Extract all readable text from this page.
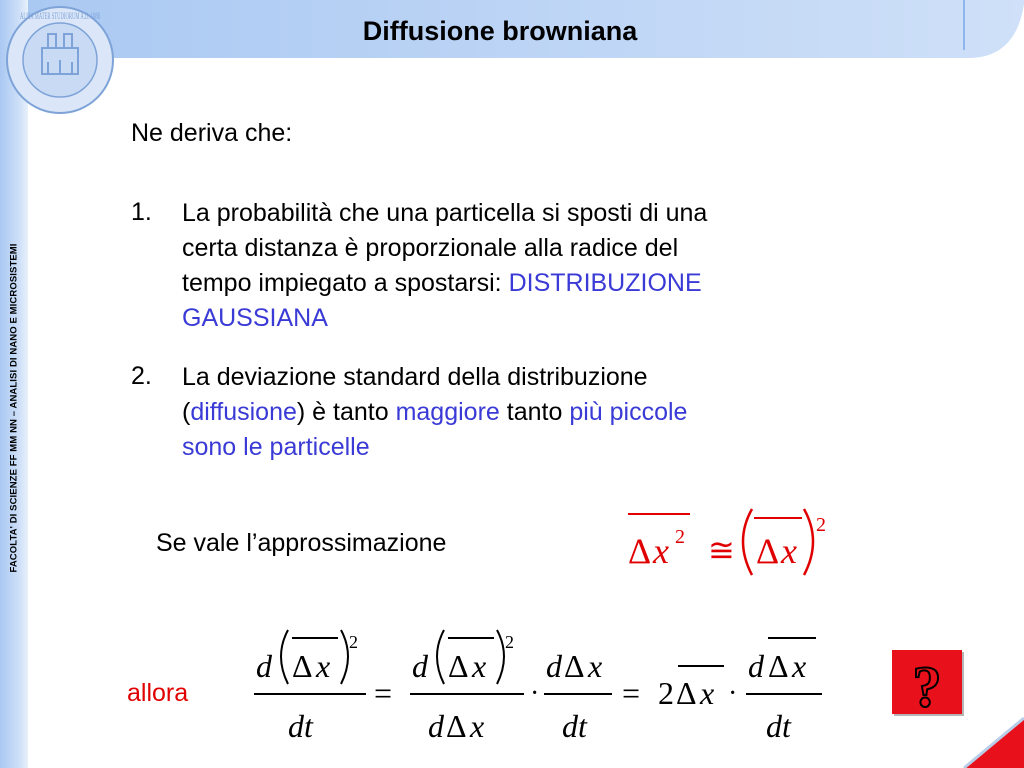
FACOLTA' DI SCIENZE FF MM NN – ANALISI DI NANO E MICROSISTEMI
ALMA MATER STUDIORUM A.D. 1088	Diffusione browniana
Ne deriva che:
1. La probabilità che una particella si sposti di una
certa distanza è proporzionale alla radice del
tempo impiegato a spostarsi: DISTRIBUZIONE
GAUSSIANA
2. La deviazione standard della distribuzione
(diffusione) è tanto maggiore tanto più piccole
sono le particelle
Se vale l’approssimazione	Δ x 2 ≅ Δ x
2
allora
d Δ x
2
dt
=
d Δ x
2
d Δ x
·
d Δ x
dt
= 2 Δ x ·
d Δ x
dt
?
